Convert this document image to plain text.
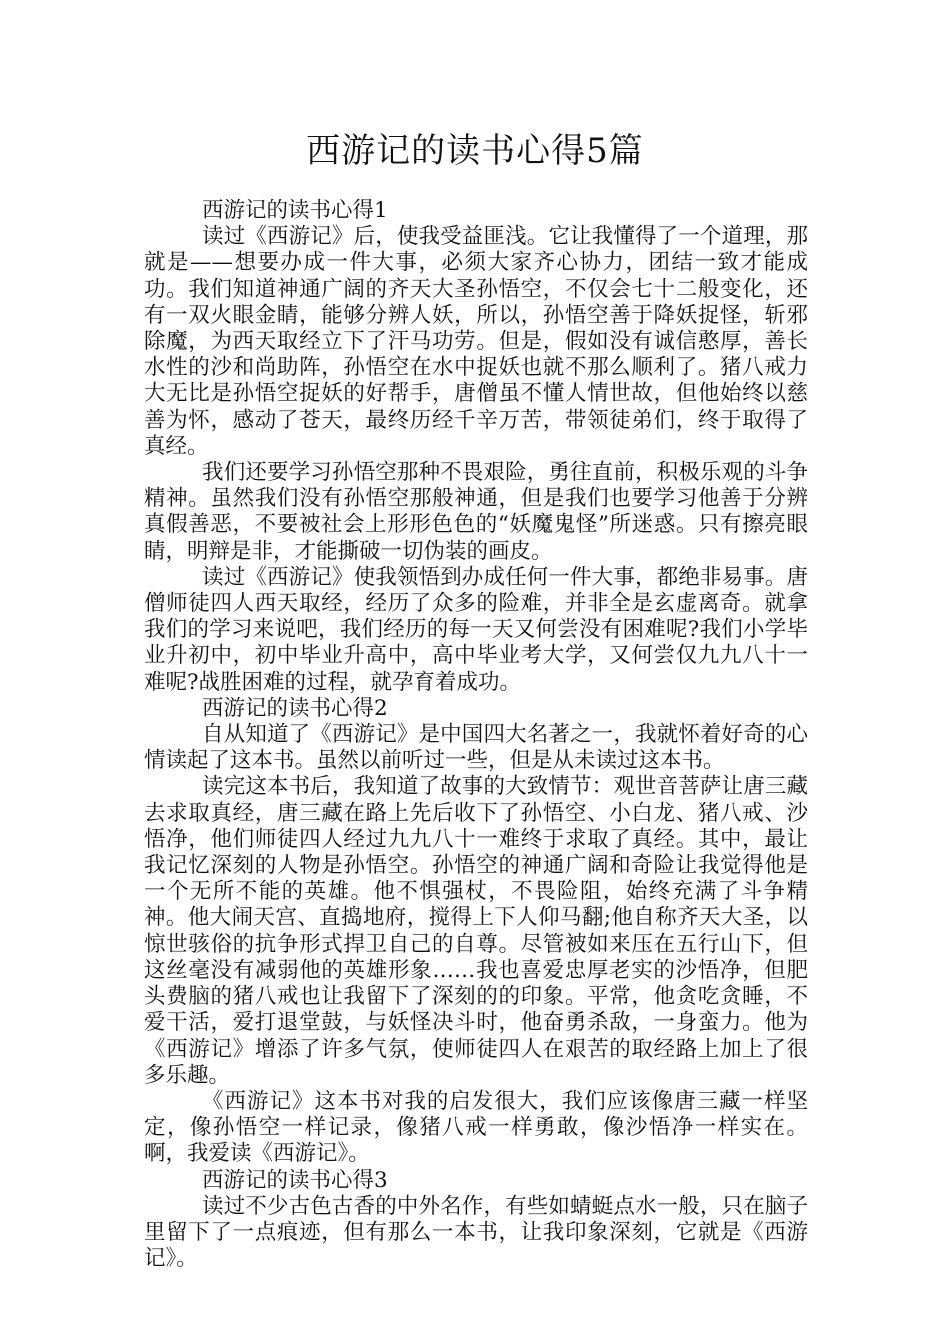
西游记的读书心得5篇

西游记的读书心得1

读过《西游记》后，使我受益匪浅。它让我懂得了一个道理，那就是——想要办成一件大事，必须大家齐心协力，团结一致才能成功。我们知道神通广阔的齐天大圣孙悟空，不仅会七十二般变化，还有一双火眼金睛，能够分辨人妖，所以，孙悟空善于降妖捉怪，斩邪除魔，为西天取经立下了汗马功劳。但是，假如没有诚信憨厚，善长水性的沙和尚助阵，孙悟空在水中捉妖也就不那么顺利了。猪八戒力大无比是孙悟空捉妖的好帮手，唐僧虽不懂人情世故，但他始终以慈善为怀，感动了苍天，最终历经千辛万苦，带领徒弟们，终于取得了真经。

我们还要学习孙悟空那种不畏艰险，勇往直前，积极乐观的斗争精神。虽然我们没有孙悟空那般神通，但是我们也要学习他善于分辨真假善恶，不要被社会上形形色色的“妖魔鬼怪”所迷惑。只有擦亮眼睛，明辩是非，才能撕破一切伪装的画皮。

读过《西游记》使我领悟到办成任何一件大事，都绝非易事。唐僧师徒四人西天取经，经历了众多的险难，并非全是玄虚离奇。就拿我们的学习来说吧，我们经历的每一天又何尝没有困难呢?我们小学毕业升初中，初中毕业升高中，高中毕业考大学，又何尝仅九九八十一难呢?战胜困难的过程，就孕育着成功。

西游记的读书心得2

自从知道了《西游记》是中国四大名著之一，我就怀着好奇的心情读起了这本书。虽然以前听过一些，但是从未读过这本书。

读完这本书后，我知道了故事的大致情节：观世音菩萨让唐三藏去求取真经，唐三藏在路上先后收下了孙悟空、小白龙、猪八戒、沙悟净，他们师徒四人经过九九八十一难终于求取了真经。其中，最让我记忆深刻的人物是孙悟空。孙悟空的神通广阔和奇险让我觉得他是一个无所不能的英雄。他不惧强杖，不畏险阻，始终充满了斗争精神。他大闹天宫、直捣地府，搅得上下人仰马翻;他自称齐天大圣，以惊世骇俗的抗争形式捍卫自己的自尊。尽管被如来压在五行山下，但这丝毫没有减弱他的英雄形象……我也喜爱忠厚老实的沙悟净，但肥头费脑的猪八戒也让我留下了深刻的的印象。平常，他贪吃贪睡，不爱干活，爱打退堂鼓，与妖怪决斗时，他奋勇杀敌，一身蛮力。他为《西游记》增添了许多气氛，使师徒四人在艰苦的取经路上加上了很多乐趣。

《西游记》这本书对我的启发很大，我们应该像唐三藏一样坚定，像孙悟空一样记录，像猪八戒一样勇敢，像沙悟净一样实在。啊，我爱读《西游记》。

西游记的读书心得3

读过不少古色古香的中外名作，有些如蜻蜓点水一般，只在脑子里留下了一点痕迹，但有那么一本书，让我印象深刻，它就是《西游记》。
